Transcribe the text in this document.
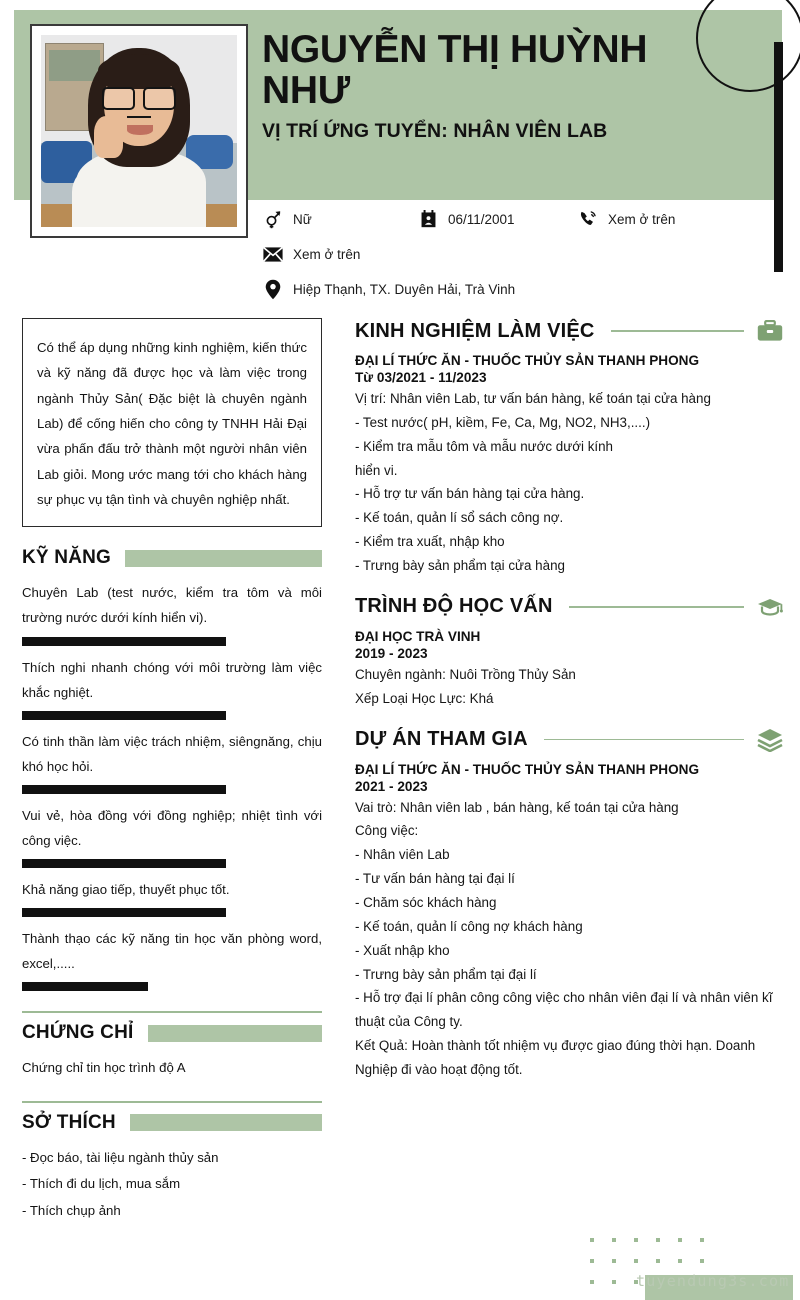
NGUYỄN THỊ HUỲNH NHƯ
VỊ TRÍ ỨNG TUYỂN: NHÂN VIÊN LAB
Nữ	06/11/2001	Xem ở trên
Xem ở trên
Hiệp Thạnh, TX. Duyên Hải, Trà Vinh

Có thể áp dụng những kinh nghiệm, kiến thức và kỹ năng đã được học và làm việc trong ngành Thủy Sản( Đặc biệt là chuyên ngành Lab) để cống hiến cho công ty TNHH Hải Đại vừa phấn đấu trở thành một người nhân viên Lab giỏi. Mong ước mang tới cho khách hàng sự phục vụ tận tình và chuyên nghiệp nhất.

KỸ NĂNG

Chuyên Lab (test nước, kiểm tra tôm và môi trường nước dưới kính hiển vi).

Thích nghi nhanh chóng với môi trường làm việc khắc nghiệt.

Có tinh thần làm việc trách nhiệm, siêngnăng, chịu khó học hỏi.

Vui vẻ, hòa đồng với đồng nghiệp; nhiệt tình với công việc.

Khả năng giao tiếp, thuyết phục tốt.

Thành thạo các kỹ năng tin học văn phòng word, excel,.....

CHỨNG CHỈ

Chứng chỉ tin học trình độ A

SỞ THÍCH

- Đọc báo, tài liệu ngành thủy sản

- Thích đi du lịch, mua sắm

- Thích chụp ảnh

KINH NGHIỆM LÀM VIỆC
ĐẠI LÍ THỨC ĂN - THUỐC THỦY SẢN THANH PHONG
Từ 03/2021 - 11/2023
Vị trí: Nhân viên Lab, tư vấn bán hàng, kế toán tại cửa hàng
- Test nước( pH, kiềm, Fe, Ca, Mg, NO2, NH3,....)
- Kiểm tra mẫu tôm và mẫu nước dưới kính
hiển vi.
- Hỗ trợ tư vấn bán hàng tại cửa hàng.
- Kế toán, quản lí sổ sách công nợ.
- Kiểm tra xuất, nhập kho
- Trưng bày sản phẩm tại cửa hàng
TRÌNH ĐỘ HỌC VẤN
ĐẠI HỌC TRÀ VINH
2019 - 2023
Chuyên ngành: Nuôi Trồng Thủy Sản
Xếp Loại Học Lực: Khá
DỰ ÁN THAM GIA
ĐẠI LÍ THỨC ĂN - THUỐC THỦY SẢN THANH PHONG
2021 - 2023
Vai trò: Nhân viên lab , bán hàng, kế toán tại cửa hàng
Công việc:
- Nhân viên Lab
- Tư vấn bán hàng tại đại lí
- Chăm sóc khách hàng
- Kế toán, quản lí công nợ khách hàng
- Xuất nhập kho
- Trưng bày sản phẩm tại đại lí
- Hỗ trợ đại lí phân công công việc cho nhân viên đại lí và nhân viên kĩ thuật của Công ty.
Kết Quả: Hoàn thành tốt nhiệm vụ được giao đúng thời hạn. Doanh Nghiệp đi vào hoạt động tốt.
tuyendung3s.com
